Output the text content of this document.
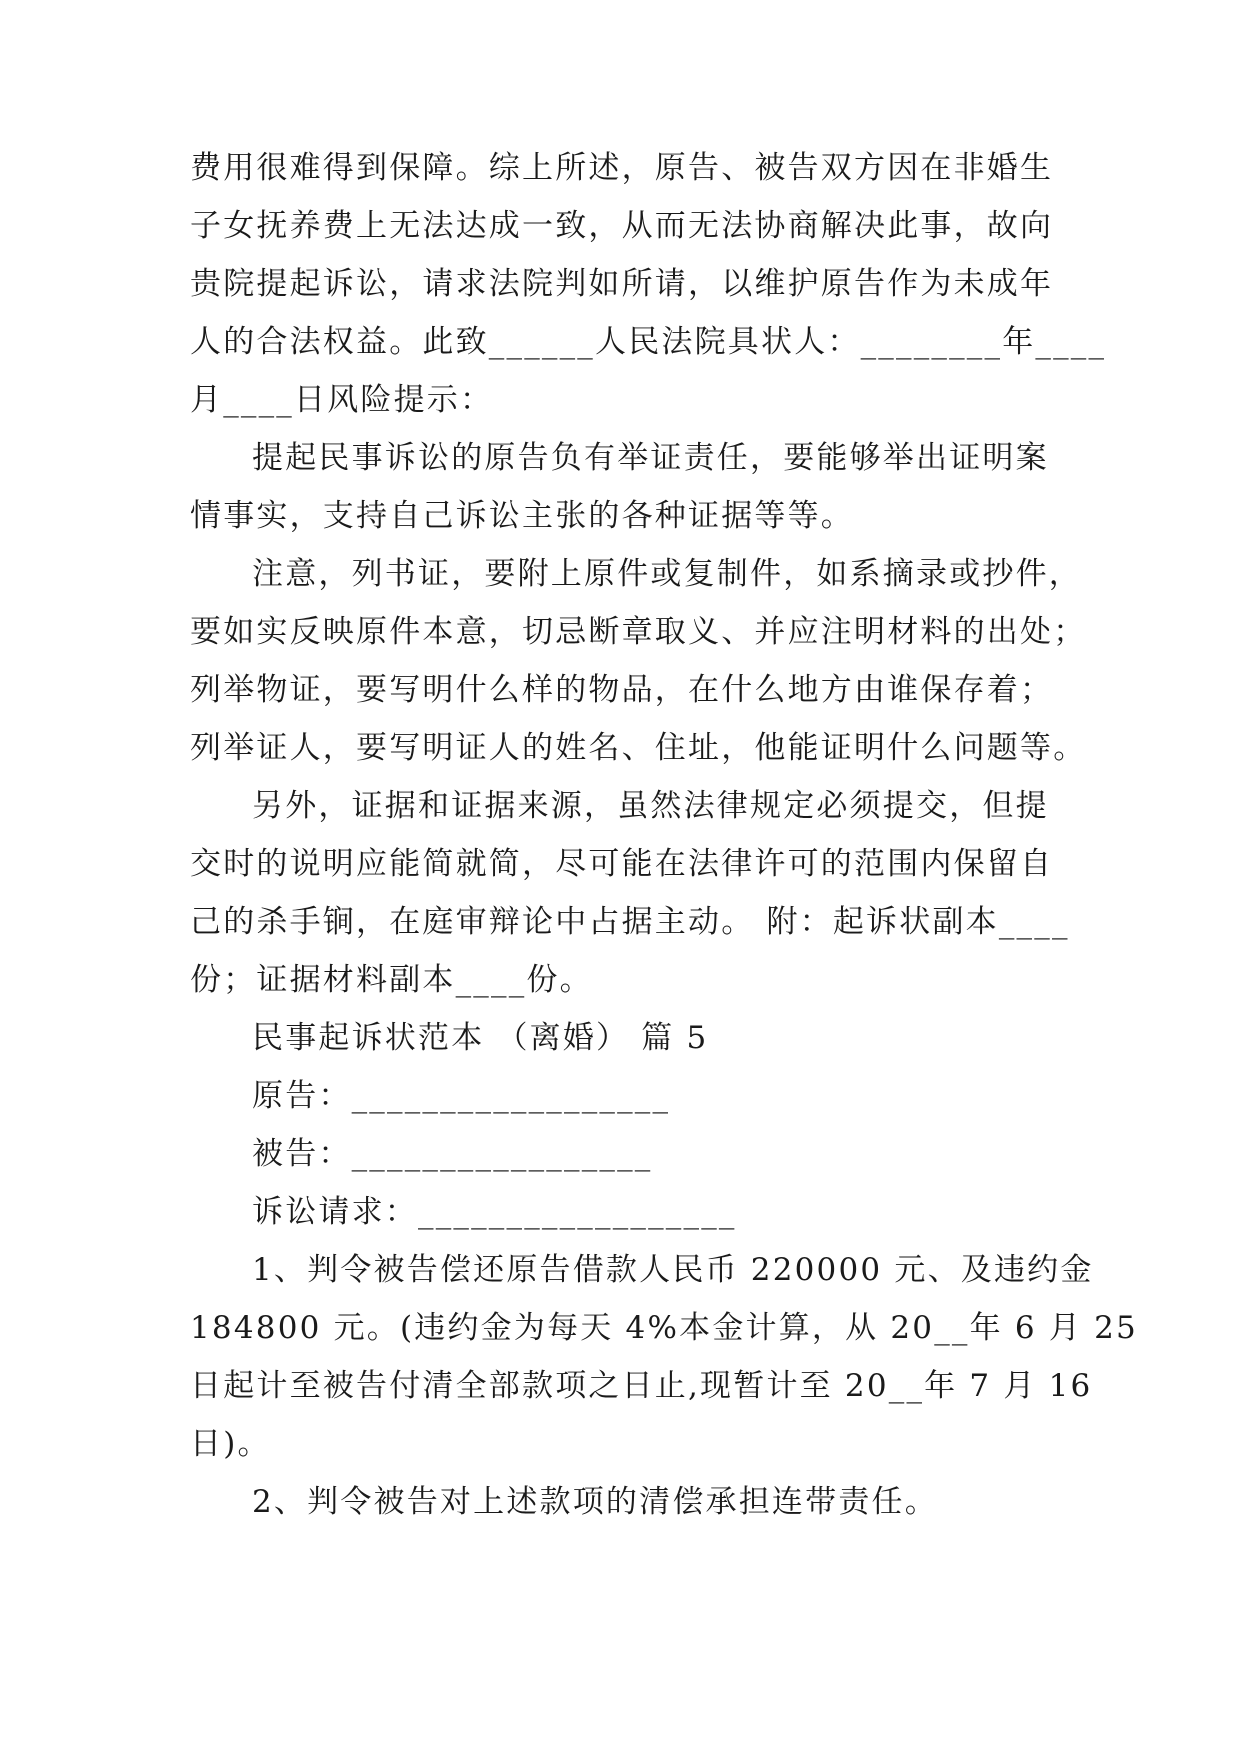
费用很难得到保障。综上所述，原告、被告双方因在非婚生
子女抚养费上无法达成一致，从而无法协商解决此事，故向
贵院提起诉讼，请求法院判如所请，以维护原告作为未成年
人的合法权益。此致______人民法院具状人：________年____
月____日风险提示：
提起民事诉讼的原告负有举证责任，要能够举出证明案
情事实，支持自己诉讼主张的各种证据等等。
注意，列书证，要附上原件或复制件，如系摘录或抄件，
要如实反映原件本意，切忌断章取义、并应注明材料的出处；
列举物证，要写明什么样的物品，在什么地方由谁保存着；
列举证人，要写明证人的姓名、住址，他能证明什么问题等。
另外，证据和证据来源，虽然法律规定必须提交，但提
交时的说明应能简就简，尽可能在法律许可的范围内保留自
己的杀手锏，在庭审辩论中占据主动。 附：起诉状副本____
份；证据材料副本____份。
民事起诉状范本 （离婚） 篇 5
原告：__________________
被告：_________________
诉讼请求：__________________
1、判令被告偿还原告借款人民币 220000 元、及违约金
184800 元。(违约金为每天 4%本金计算，从 20__年 6 月 25
日起计至被告付清全部款项之日止,现暂计至 20__年 7 月 16
日)。
2、判令被告对上述款项的清偿承担连带责任。
